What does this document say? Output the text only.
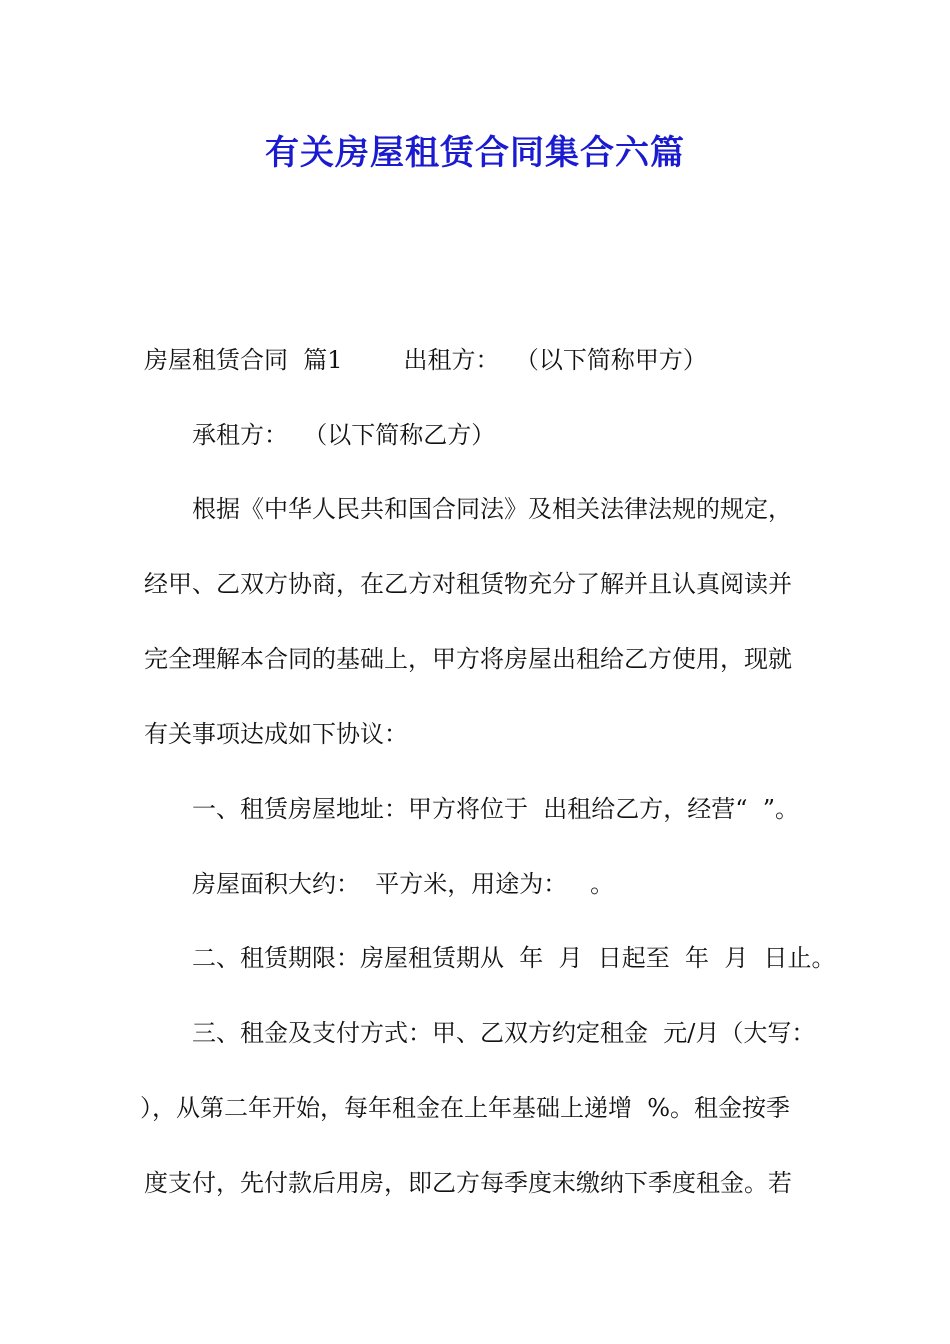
有关房屋租赁合同集合六篇
房屋租赁合同  篇1        出租方：  （以下简称甲方）
承租方：  （以下简称乙方）
根据《中华人民共和国合同法》及相关法律法规的规定，
经甲、乙双方协商，在乙方对租赁物充分了解并且认真阅读并
完全理解本合同的基础上，甲方将房屋出租给乙方使用，现就
有关事项达成如下协议：
一、租赁房屋地址：甲方将位于  出租给乙方，经营“  ”。
房屋面积大约：  平方米，用途为：   。
二、租赁期限：房屋租赁期从  年  月  日起至  年  月  日止。
三、租金及支付方式：甲、乙双方约定租金  元/月（大写：
），从第二年开始，每年租金在上年基础上递增  %。租金按季
度支付，先付款后用房，即乙方每季度末缴纳下季度租金。若
